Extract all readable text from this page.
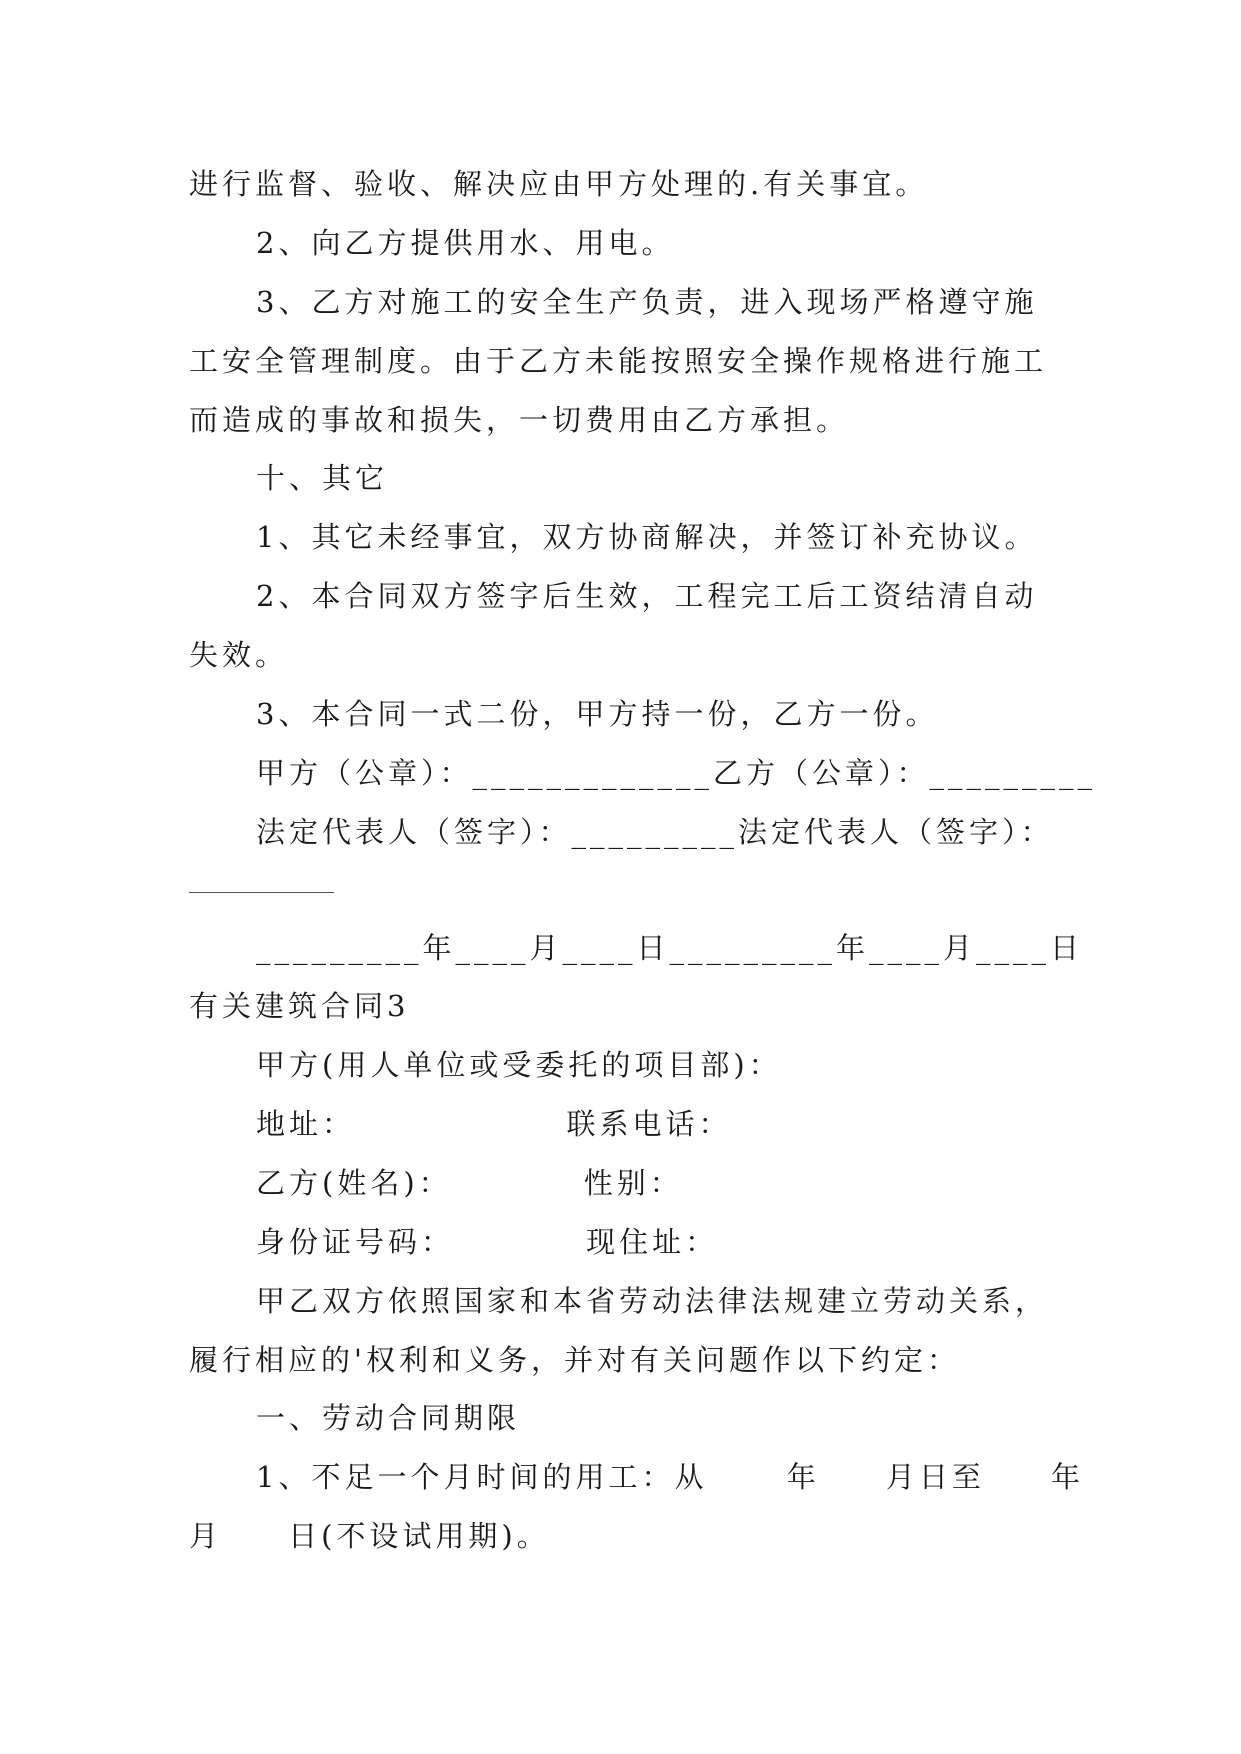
进行监督、验收、解决应由甲方处理的.有关事宜。
2、向乙方提供用水、用电。
3、乙方对施工的安全生产负责，进入现场严格遵守施
工安全管理制度。由于乙方未能按照安全操作规格进行施工
而造成的事故和损失，一切费用由乙方承担。
十、其它
1、其它未经事宜，双方协商解决，并签订补充协议。
2、本合同双方签字后生效，工程完工后工资结清自动
失效。
3、本合同一式二份，甲方持一份，乙方一份。
甲方（公章）：_____________乙方（公章）：_________
法定代表人（签字）：_________法定代表人（签字）：
_________年____月____日_________年____月____日
有关建筑合同3
甲方(用人单位或受委托的项目部)：
地址：                联系电话：
乙方(姓名)：          性别：
身份证号码：          现住址：
甲乙双方依照国家和本省劳动法律法规建立劳动关系，
履行相应的'权利和义务，并对有关问题作以下约定：
一、劳动合同期限
1、不足一个月时间的用工：从      年     月日至     年
月     日(不设试用期)。
